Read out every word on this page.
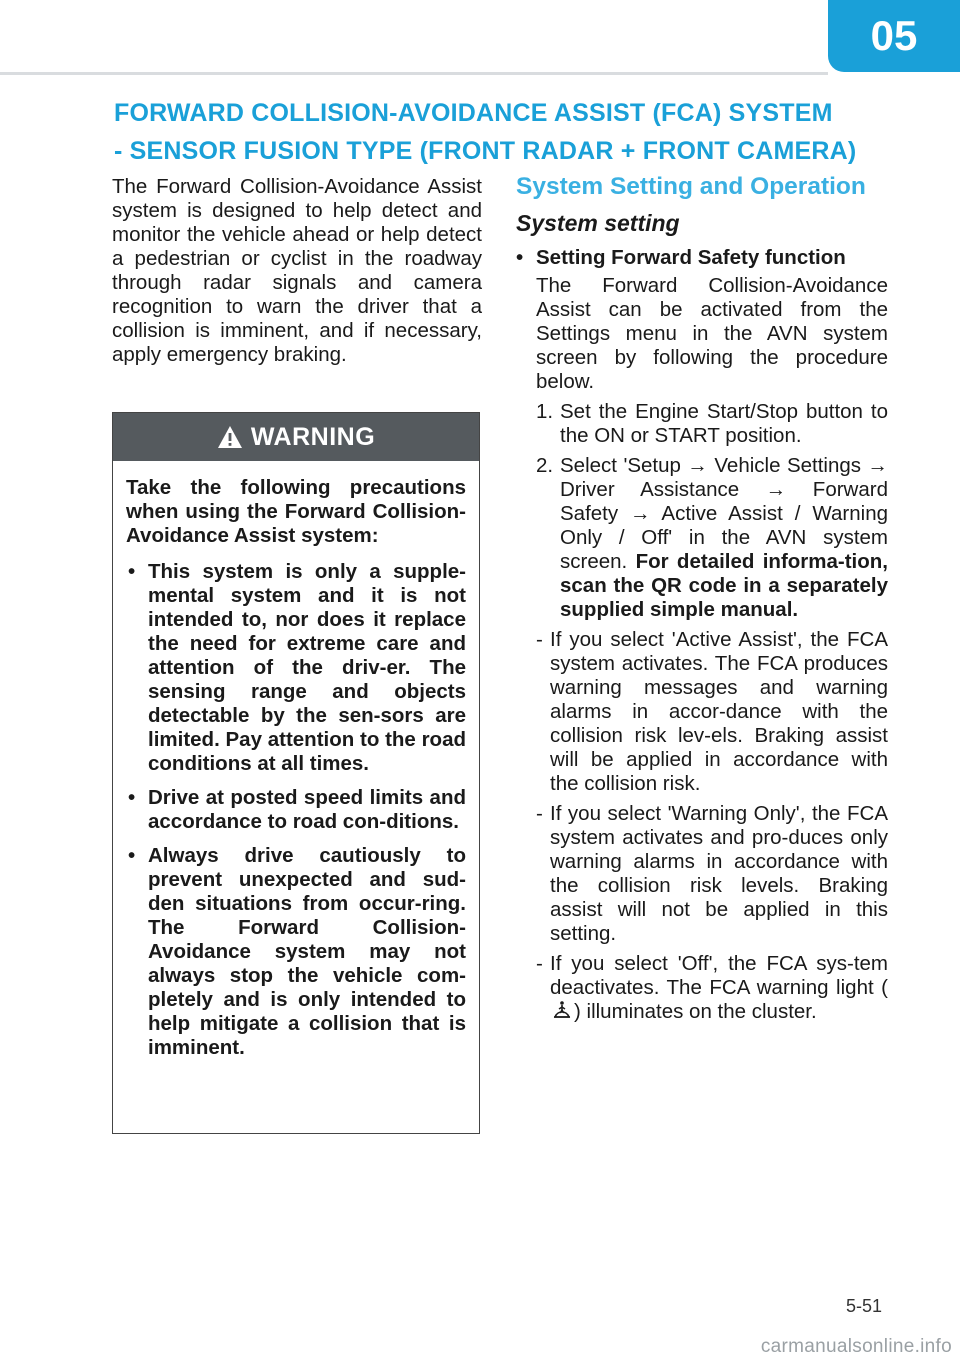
05
FORWARD COLLISION-AVOIDANCE ASSIST (FCA) SYSTEM
- SENSOR FUSION TYPE (FRONT RADAR + FRONT CAMERA)

The Forward Collision-Avoidance Assist system is designed to help detect and monitor the vehicle ahead or help detect a pedestrian or cyclist in the roadway through radar signals and camera recognition to warn the driver that a collision is imminent, and if necessary, apply emergency braking.

WARNING

Take the following precautions when using the Forward Collision-Avoidance Assist system:

• This system is only a supple-mental system and it is not intended to, nor does it replace the need for extreme care and attention of the driv-er. The sensing range and objects detectable by the sen-sors are limited. Pay attention to the road conditions at all times.
• Drive at posted speed limits and accordance to road con-ditions.
• Always drive cautiously to prevent unexpected and sud-den situations from occur-ring. The Forward Collision-Avoidance system may not always stop the vehicle com-pletely and is only intended to help mitigate a collision that is imminent.
System Setting and Operation
System setting
• Setting Forward Safety function

The Forward Collision-Avoidance Assist can be activated from the Settings menu in the AVN system screen by following the procedure below.

1. Set the Engine Start/Stop button to the ON or START position.
2. Select 'Setup → Vehicle Settings → Driver Assistance → Forward Safety → Active Assist / Warning Only / Off' in the AVN system screen. For detailed informa-tion, scan the QR code in a separately supplied simple manual.
- If you select 'Active Assist', the FCA system activates. The FCA produces warning messages and warning alarms in accor-dance with the collision risk lev-els. Braking assist will be applied in accordance with the collision risk.
- If you select 'Warning Only', the FCA system activates and pro-duces only warning alarms in accordance with the collision risk levels. Braking assist will not be applied in this setting.
- If you select 'Off', the FCA sys-tem deactivates. The FCA warning light () illuminates on the cluster.
5-51
carmanualsonline.info
